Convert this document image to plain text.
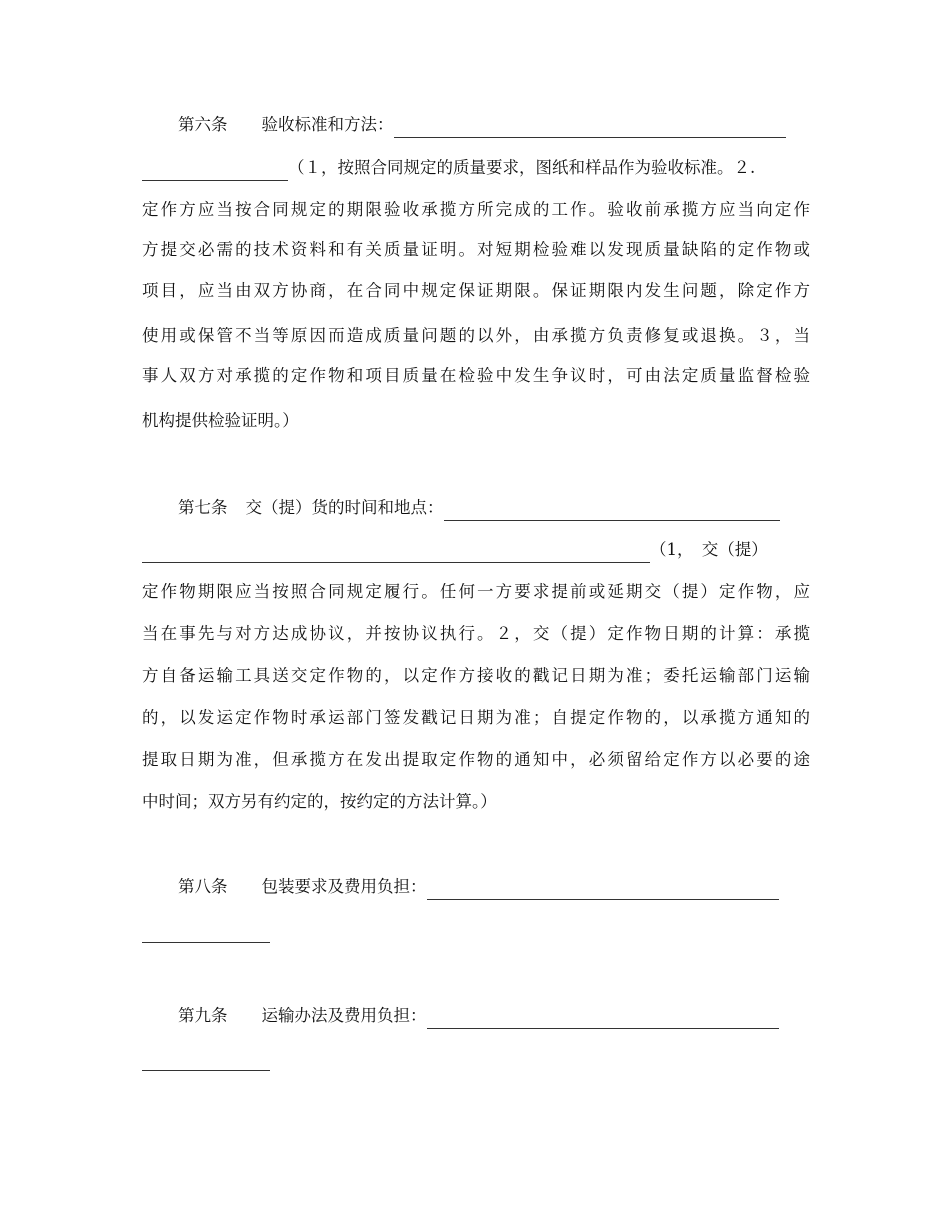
第六条 验收标准和方法：
（１，按照合同规定的质量要求，图纸和样品作为验收标准。２.
定作方应当按合同规定的期限验收承揽方所完成的工作。验收前承揽方应当向定作
方提交必需的技术资料和有关质量证明。对短期检验难以发现质量缺陷的定作物或
项目，应当由双方协商，在合同中规定保证期限。保证期限内发生问题，除定作方
使用或保管不当等原因而造成质量问题的以外，由承揽方负责修复或退换。３，当
事人双方对承揽的定作物和项目质量在检验中发生争议时，可由法定质量监督检验
机构提供检验证明。）
第七条 交（提）货的时间和地点：
（1，　交（提）
定作物期限应当按照合同规定履行。任何一方要求提前或延期交（提）定作物，应
当在事先与对方达成协议，并按协议执行。２，交（提）定作物日期的计算：承揽
方自备运输工具送交定作物的，以定作方接收的戳记日期为准；委托运输部门运输
的，以发运定作物时承运部门签发戳记日期为准；自提定作物的，以承揽方通知的
提取日期为准，但承揽方在发出提取定作物的通知中，必须留给定作方以必要的途
中时间；双方另有约定的，按约定的方法计算。）
第八条 包装要求及费用负担：
第九条 运输办法及费用负担：
